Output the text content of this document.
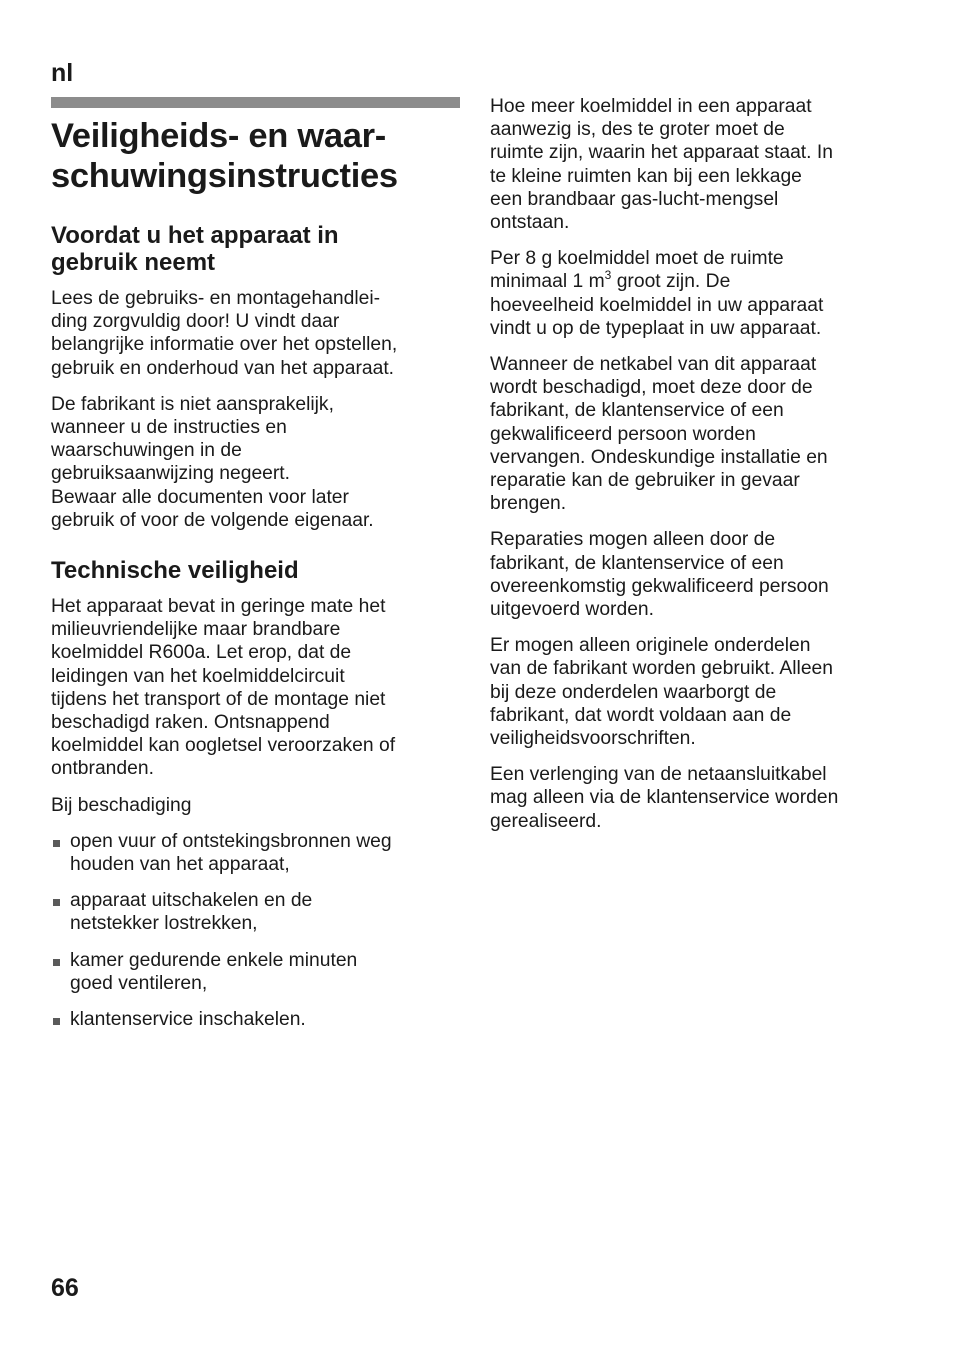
nl
Veiligheids- en waar-
schuwingsinstructies
Voordat u het apparaat in
gebruik neemt

Lees de gebruiks- en montagehandlei-
ding zorgvuldig door! U vindt daar
belangrijke informatie over het opstellen,
gebruik en onderhoud van het apparaat.

De fabrikant is niet aansprakelijk,
wanneer u de instructies en
waarschuwingen in de
gebruiksaanwijzing negeert.
Bewaar alle documenten voor later
gebruik of voor de volgende eigenaar.

Technische veiligheid

Het apparaat bevat in geringe mate het
milieuvriendelijke maar brandbare
koelmiddel R600a. Let erop, dat de
leidingen van het koelmiddelcircuit
tijdens het transport of de montage niet
beschadigd raken. Ontsnappend
koelmiddel kan oogletsel veroorzaken of
ontbranden.

Bij beschadiging

open vuur of ontstekingsbronnen weg
houden van het apparaat,
apparaat uitschakelen en de
netstekker lostrekken,
kamer gedurende enkele minuten
goed ventileren,
klantenservice inschakelen.

Hoe meer koelmiddel in een apparaat
aanwezig is, des te groter moet de
ruimte zijn, waarin het apparaat staat. In
te kleine ruimten kan bij een lekkage
een brandbaar gas-lucht-mengsel
ontstaan.

Per 8 g koelmiddel moet de ruimte
minimaal 1 $m^3$ groot zijn. De
hoeveelheid koelmiddel in uw apparaat
vindt u op de typeplaat in uw apparaat.

Wanneer de netkabel van dit apparaat
wordt beschadigd, moet deze door de
fabrikant, de klantenservice of een
gekwalificeerd persoon worden
vervangen. Ondeskundige installatie en
reparatie kan de gebruiker in gevaar
brengen.

Reparaties mogen alleen door de
fabrikant, de klantenservice of een
overeenkomstig gekwalificeerd persoon
uitgevoerd worden.

Er mogen alleen originele onderdelen
van de fabrikant worden gebruikt. Alleen
bij deze onderdelen waarborgt de
fabrikant, dat wordt voldaan aan de
veiligheidsvoorschriften.

Een verlenging van de netaansluitkabel
mag alleen via de klantenservice worden
gerealiseerd.

66
